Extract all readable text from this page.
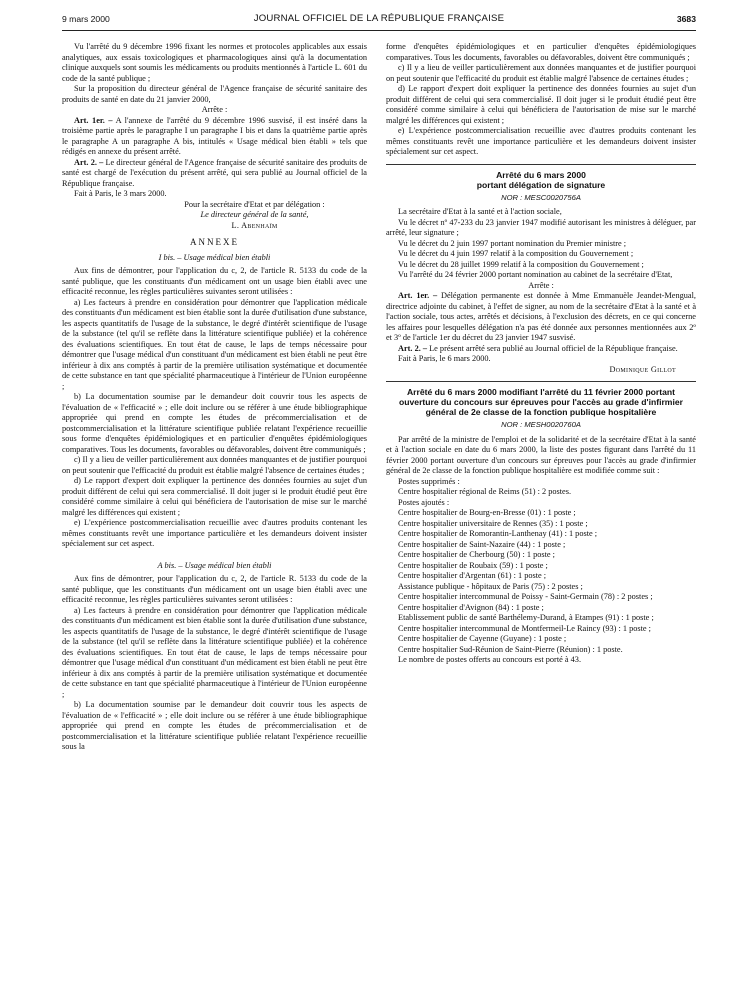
9 mars 2000	JOURNAL OFFICIEL DE LA RÉPUBLIQUE FRANÇAISE	3683

Vu l'arrêté du 9 décembre 1996 fixant les normes et protocoles applicables aux essais analytiques, aux essais toxicologiques et pharmacologiques ainsi qu'à la documentation clinique auxquels sont soumis les médicaments ou produits mentionnés à l'article L. 601 du code de la santé publique ;

Sur la proposition du directeur général de l'Agence française de sécurité sanitaire des produits de santé en date du 21 janvier 2000,

Arrête :

Art. 1er. – A l'annexe de l'arrêté du 9 décembre 1996 susvisé, il est inséré dans la troisième partie après le paragraphe I un paragraphe I bis et dans la quatrième partie après le paragraphe A un paragraphe A bis, intitulés « Usage médical bien établi » tels que rédigés en annexe du présent arrêté.

Art. 2. – Le directeur général de l'Agence française de sécurité sanitaire des produits de santé est chargé de l'exécution du présent arrêté, qui sera publié au Journal officiel de la République française.

Fait à Paris, le 3 mars 2000.

Pour la secrétaire d'Etat et par délégation :

Le directeur général de la santé,

L. Abenhaïm

ANNEXE
I bis. – Usage médical bien établi

Aux fins de démontrer, pour l'application du c, 2, de l'article R. 5133 du code de la santé publique, que les constituants d'un médicament ont un usage bien établi avec une efficacité reconnue, les règles particulières suivantes seront utilisées :

a) Les facteurs à prendre en considération pour démontrer que l'application médicale des constituants d'un médicament est bien établie sont la durée d'utilisation d'une substance, les aspects quantitatifs de l'usage de la substance, le degré d'intérêt scientifique de l'usage de la substance (tel qu'il se reflète dans la littérature scientifique publiée) et la cohérence des évaluations scientifiques. En tout état de cause, le laps de temps nécessaire pour démontrer que l'usage médical d'un constituant d'un médicament est bien établi ne peut être inférieur à dix ans comptés à partir de la première utilisation systématique et documentée de cette substance en tant que spécialité pharmaceutique à l'intérieur de l'Union européenne ;

b) La documentation soumise par le demandeur doit couvrir tous les aspects de l'évaluation de « l'efficacité » ; elle doit inclure ou se référer à une étude bibliographique appropriée qui prend en compte les études de précommercialisation et de postcommercialisation et la littérature scientifique publiée relatant l'expérience recueillie sous forme d'enquêtes épidémiologiques et en particulier d'enquêtes épidémiologiques comparatives. Tous les documents, favorables ou défavorables, doivent être communiqués ;

c) Il y a lieu de veiller particulièrement aux données manquantes et de justifier pourquoi on peut soutenir que l'efficacité du produit est établie malgré l'absence de certaines études ;

d) Le rapport d'expert doit expliquer la pertinence des données fournies au sujet d'un produit différent de celui qui sera commercialisé. Il doit juger si le produit étudié peut être considéré comme similaire à celui qui bénéficiera de l'autorisation de mise sur le marché malgré les différences qui existent ;

e) L'expérience postcommercialisation recueillie avec d'autres produits contenant les mêmes constituants revêt une importance particulière et les demandeurs doivent insister spécialement sur cet aspect.

A bis. – Usage médical bien établi

Aux fins de démontrer, pour l'application du c, 2, de l'article R. 5133 du code de la santé publique, que les constituants d'un médicament ont un usage bien établi avec une efficacité reconnue, les règles particulières suivantes seront utilisées :

a) Les facteurs à prendre en considération pour démontrer que l'application médicale des constituants d'un médicament est bien établie sont la durée d'utilisation d'une substance, les aspects quantitatifs de l'usage de la substance, le degré d'intérêt scientifique de l'usage de la substance (tel qu'il se reflète dans la littérature scientifique publiée) et la cohérence des évaluations scientifiques. En tout état de cause, le laps de temps nécessaire pour démontrer que l'usage médical d'un constituant d'un médicament est bien établi ne peut être inférieur à dix ans comptés à partir de la première utilisation systématique et documentée de cette substance en tant que spécialité pharmaceutique à l'intérieur de l'Union européenne ;

b) La documentation soumise par le demandeur doit couvrir tous les aspects de l'évaluation de « l'efficacité » ; elle doit inclure ou se référer à une étude bibliographique appropriée qui prend en compte les études de précommercialisation et de postcommercialisation et la littérature scientifique publiée relatant l'expérience recueillie sous la

forme d'enquêtes épidémiologiques et en particulier d'enquêtes épidémiologiques comparatives. Tous les documents, favorables ou défavorables, doivent être communiqués ;

c) Il y a lieu de veiller particulièrement aux données manquantes et de justifier pourquoi on peut soutenir que l'efficacité du produit est établie malgré l'absence de certaines études ;

d) Le rapport d'expert doit expliquer la pertinence des données fournies au sujet d'un produit différent de celui qui sera commercialisé. Il doit juger si le produit étudié peut être considéré comme similaire à celui qui bénéficiera de l'autorisation de mise sur le marché malgré les différences qui existent ;

e) L'expérience postcommercialisation recueillie avec d'autres produits contenant les mêmes constituants revêt une importance particulière et les demandeurs doivent insister spécialement sur cet aspect.

Arrêté du 6 mars 2000
portant délégation de signature
NOR : MESC0020756A

La secrétaire d'Etat à la santé et à l'action sociale,

Vu le décret nº 47-233 du 23 janvier 1947 modifié autorisant les ministres à déléguer, par arrêté, leur signature ;

Vu le décret du 2 juin 1997 portant nomination du Premier ministre ;

Vu le décret du 4 juin 1997 relatif à la composition du Gouvernement ;

Vu le décret du 28 juillet 1999 relatif à la composition du Gouvernement ;

Vu l'arrêté du 24 février 2000 portant nomination au cabinet de la secrétaire d'Etat,

Arrête :

Art. 1er. – Délégation permanente est donnée à Mme Emmanuèle Jeandet-Mengual, directrice adjointe du cabinet, à l'effet de signer, au nom de la secrétaire d'Etat à la santé et à l'action sociale, tous actes, arrêtés et décisions, à l'exclusion des décrets, en ce qui concerne les affaires pour lesquelles délégation n'a pas été donnée aux personnes mentionnées aux 2º et 3º de l'article 1er du décret du 23 janvier 1947 susvisé.

Art. 2. – Le présent arrêté sera publié au Journal officiel de la République française.

Fait à Paris, le 6 mars 2000.

Dominique Gillot

Arrêté du 6 mars 2000 modifiant l'arrêté du 11 février 2000 portant ouverture du concours sur épreuves pour l'accès au grade d'infirmier général de 2e classe de la fonction publique hospitalière
NOR : MESH0020760A

Par arrêté de la ministre de l'emploi et de la solidarité et de la secrétaire d'Etat à la santé et à l'action sociale en date du 6 mars 2000, la liste des postes figurant dans l'arrêté du 11 février 2000 portant ouverture d'un concours sur épreuves pour l'accès au grade d'infirmier général de 2e classe de la fonction publique hospitalière est modifiée comme suit :

Postes supprimés :

Centre hospitalier régional de Reims (51) : 2 postes.

Postes ajoutés :

Centre hospitalier de Bourg-en-Bresse (01) : 1 poste ;

Centre hospitalier universitaire de Rennes (35) : 1 poste ;

Centre hospitalier de Romorantin-Lanthenay (41) : 1 poste ;

Centre hospitalier de Saint-Nazaire (44) : 1 poste ;

Centre hospitalier de Cherbourg (50) : 1 poste ;

Centre hospitalier de Roubaix (59) : 1 poste ;

Centre hospitalier d'Argentan (61) : 1 poste ;

Assistance publique - hôpitaux de Paris (75) : 2 postes ;

Centre hospitalier intercommunal de Poissy - Saint-Germain (78) : 2 postes ;

Centre hospitalier d'Avignon (84) : 1 poste ;

Etablissement public de santé Barthélemy-Durand, à Etampes (91) : 1 poste ;

Centre hospitalier intercommunal de Montfermeil-Le Raincy (93) : 1 poste ;

Centre hospitalier de Cayenne (Guyane) : 1 poste ;

Centre hospitalier Sud-Réunion de Saint-Pierre (Réunion) : 1 poste.

Le nombre de postes offerts au concours est porté à 43.
